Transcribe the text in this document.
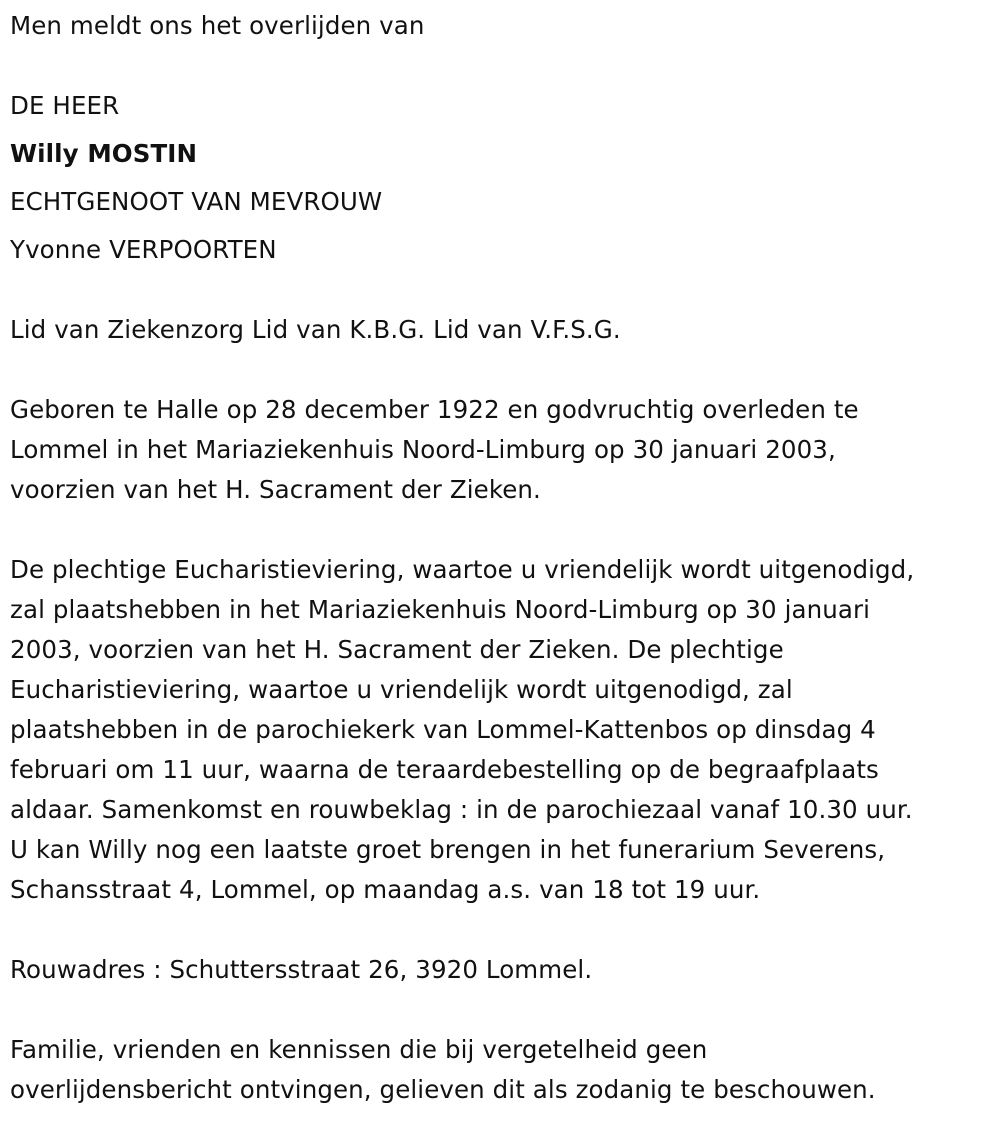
Men meldt ons het overlijden van

DE HEER

Willy MOSTIN

ECHTGENOOT VAN MEVROUW

Yvonne VERPOORTEN

Lid van Ziekenzorg Lid van K.B.G. Lid van V.F.S.G.

Geboren te Halle op 28 december 1922 en godvruchtig overleden te
Lommel in het Mariaziekenhuis Noord-Limburg op 30 januari 2003,
voorzien van het H. Sacrament der Zieken.
De plechtige Eucharistieviering, waartoe u vriendelijk wordt uitgenodigd,
zal plaatshebben in het Mariaziekenhuis Noord-Limburg op 30 januari
2003, voorzien van het H. Sacrament der Zieken. De plechtige
Eucharistieviering, waartoe u vriendelijk wordt uitgenodigd, zal
plaatshebben in de parochiekerk van Lommel-Kattenbos op dinsdag 4
februari om 11 uur, waarna de teraardebestelling op de begraafplaats
aldaar. Samenkomst en rouwbeklag : in de parochiezaal vanaf 10.30 uur.
U kan Willy nog een laatste groet brengen in het funerarium Severens,
Schansstraat 4, Lommel, op maandag a.s. van 18 tot 19 uur.

Rouwadres : Schuttersstraat 26, 3920 Lommel.

Familie, vrienden en kennissen die bij vergetelheid geen
overlijdensbericht ontvingen, gelieven dit als zodanig te beschouwen.
